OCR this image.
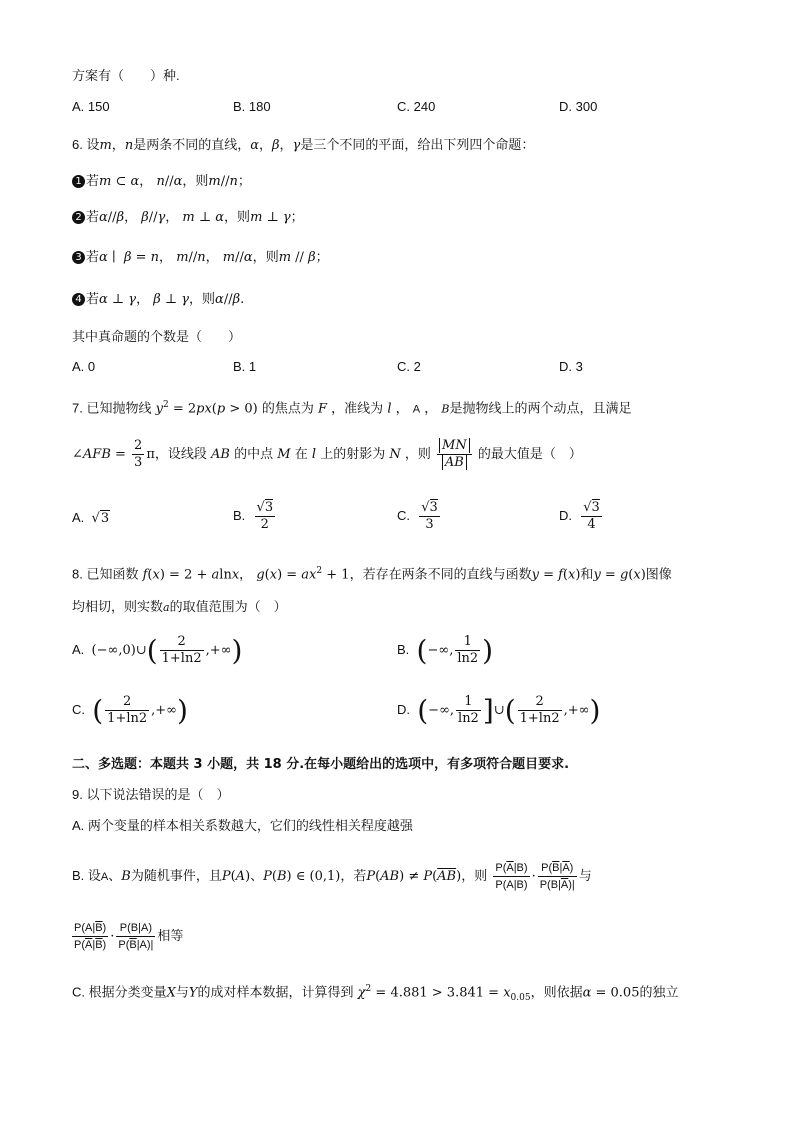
方案有（　　）种.
A. 150	B. 180	C. 240	D. 300
6. 设m，n是两条不同的直线，α，β，γ是三个不同的平面，给出下列四个命题：
1 若m ⊂ α， n//α，则m//n；
2 若α//β， β//γ， m ⊥ α，则m ⊥ γ；
3 若α ∣  β = n， m//n， m//α，则m // β；
4 若α ⊥ γ， β ⊥ γ，则α//β.
其中真命题的个数是（　　）
A. 0	B. 1	C. 2	D. 3
7. 已知抛物线 $y^2 = 2px(p > 0)$ 的焦点为 F ，准线为 l ， A ， B是抛物线上的两个动点，且满足
∠AFB = $\frac{2}{3}$ π，设线段 AB 的中点 M 在 l 上的射影为 N ，则 $\frac{MN}{AB}$ 的最大值是（　）
A. √3	B. $\frac{√3}{2}$	C. $\frac{√3}{3}$	D. $\frac{√3}{4}$
8. 已知函数 f(x) = 2 + alnx， $g(x) = ax^2 + 1$，若存在两条不同的直线与函数y = f(x)和y = g(x)图像
均相切，则实数a的取值范围为（　）
A. (−∞,0)∪( $\frac{2}{1+\ln 2}$ ,+∞)	B. (−∞, $\frac{1}{\ln 2}$ )
C. ( $\frac{2}{1+\ln 2}$ ,+∞)	D. (−∞, $\frac{1}{\ln 2}$ ]∪( $\frac{2}{1+\ln 2}$ ,+∞)
二、多选题：本题共 3 小题，共 18 分.在每小题给出的选项中，有多项符合题目要求.
9. 以下说法错误的是（　）
A. 两个变量的样本相关系数越大，它们的线性相关程度越强
B. 设A、B为随机事件，且P(A)、P(B) ∈ (0,1)，若$P(AB) \ne P(\overline{AB})$，则 $\frac{P(\overline{A}|B)}{P(A|B)} \cdot \frac{P(\overline{B}|\overline{A})}{P(B|\overline{A})|}$ 与
$\frac{P(A|\overline{B})}{P(\overline{A}|\overline{B})} \cdot \frac{P(B|A)}{P(\overline{B}|A)|}$ 相等
C. 根据分类变量X与Y的成对样本数据，计算得到 $\chi^2 = 4.881 > 3.841 = x_{0.05}$，则依据α = 0.05的独立
